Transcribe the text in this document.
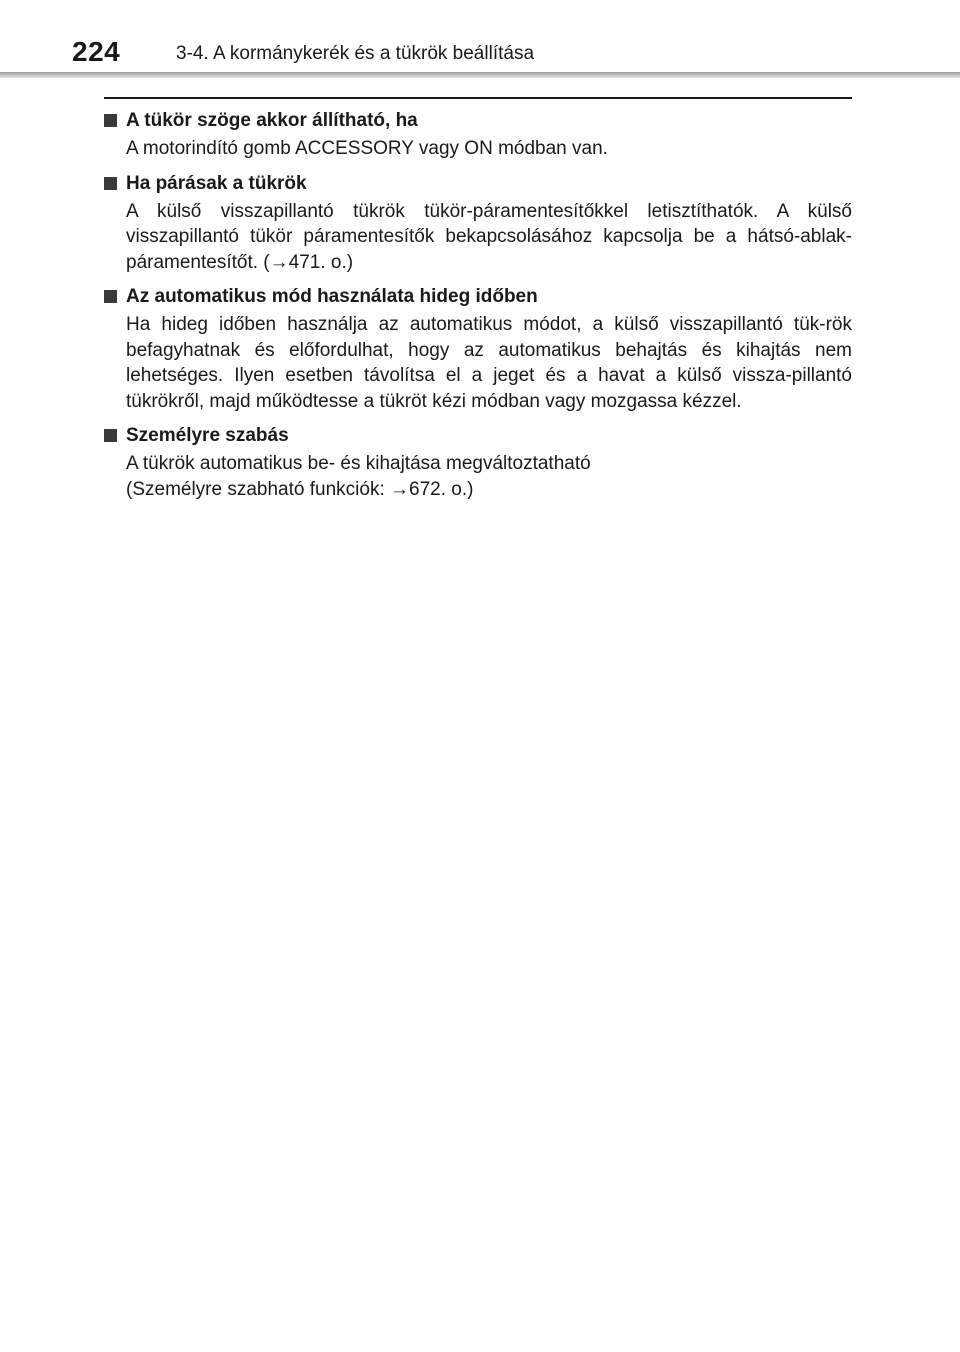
224	3-4. A kormánykerék és a tükrök beállítása
A tükör szöge akkor állítható, ha

A motorindító gomb ACCESSORY vagy ON módban van.

Ha párásak a tükrök

A külső visszapillantó tükrök tükör-páramentesítőkkel letisztíthatók. A külső visszapillantó tükör páramentesítők bekapcsolásához kapcsolja be a hátsó-ablak-páramentesítőt. (→471. o.)

Az automatikus mód használata hideg időben

Ha hideg időben használja az automatikus módot, a külső visszapillantó tük-rök befagyhatnak és előfordulhat, hogy az automatikus behajtás és kihajtás nem lehetséges. Ilyen esetben távolítsa el a jeget és a havat a külső vissza-pillantó tükrökről, majd működtesse a tükröt kézi módban vagy mozgassa kézzel.

Személyre szabás

A tükrök automatikus be- és kihajtása megváltoztatható

(Személyre szabható funkciók: →672. o.)
